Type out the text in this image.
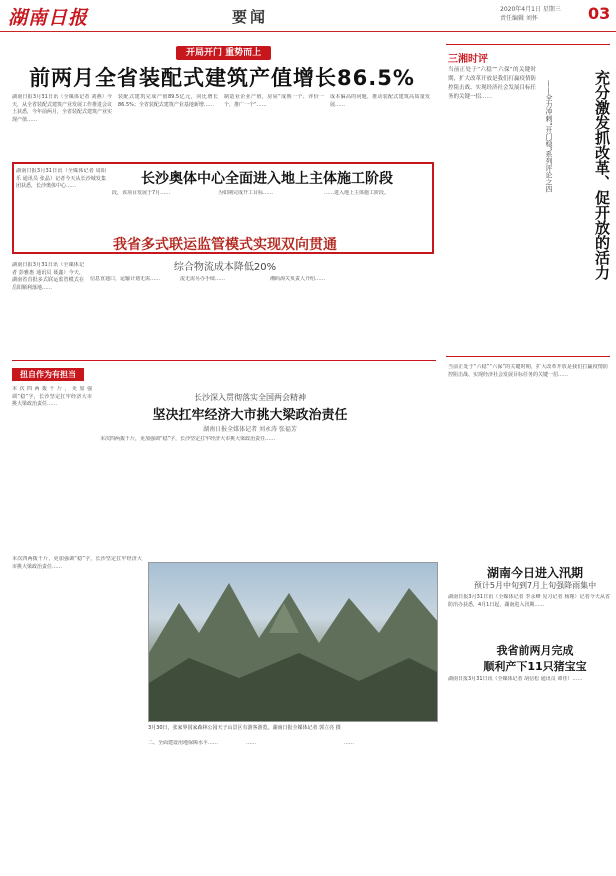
湖南日报	要闻	2020年4月1日 星期三
责任编辑 刘怀	03
开局开门 重势而上
前两月全省装配式建筑产值增长86.5%
湖南日报3月31日讯（全媒体记者 刘燕）今天，从全省装配式建筑产业发展工作推进会议上获悉，今年前两月，全省装配式建筑产业实现产值……
装配式建筑完成产值89.5亿元，同比增长86.5%；全省装配式建筑产业基地新增……
制造业企业产值，房屋“成熟一个、评价一个，推广一个”……
成本偏高的问题，推动装配式建筑高质量发展……
湖南日报3月31日讯（全媒体记者 周阳乐 通讯员 张晶）记者今天从长沙城发集团获悉，长沙奥体中心……	长沙奥体中心全面进入地上主体施工阶段
段，该项目发展于7月……	为如期完成开工目标……	……进入地上主体施工阶段。
我省多式联运监管模式实现双向贯通
综合物流成本降低20%
湖南日报3月31日讯（全媒体记者 彭雅惠 通讯员 聂鑫）今天，湖南省首批多式联运监管模式在岳阳顺利落地……
信息直通口，运输计划无需……	流无需另办手续……	湘码海关负责人介绍……
三湘时评
充分激发抓改革、促开放的活力
——全力冲刺“开门稳”系列评论之四
当前正处于“六稳”“六保”的关键时期，扩大改革开放是我们打赢疫情防控阻击战、实现经济社会发展目标任务的关键一招……
扭自作为有担当
长沙深入贯彻落实全国两会精神
坚决扛牢经济大市挑大梁政治责任
湖南日报全媒体记者 刘永涛 张福芳
本次四两拨千斤，更加强调“稳”字，长沙坚定扛牢经济大市挑大梁政治责任……
本次四两拨千斤，更加强调“稳”字，长沙坚定扛牢经济大市挑大梁政治责任……
当前正处于“六稳”“六保”的关键时期，扩大改革开放是我们打赢疫情防控阻击战、实现经济社会发展目标任务的关键一招……
湖南今日进入汛期
预计5月中旬到7月上旬强降雨集中
湖南日报3月31日讯（全媒体记者 李永峰 见习记者 杨瑾）记者今天从省防汛办获悉，4月1日起，湖南进入汛期……
我省前两月完成
顺利产下11只猪宝宝
湖南日报3月31日讯（全媒体记者 胡信松 通讯员 谭佳）……
本次四两拨千斤，更加强调“稳”字，长沙坚定扛牢经济大市挑大梁政治责任……
3月30日，张家界国家森林公园天子山景区有游客游览。湖南日报全媒体记者 郭立亮 摄
二、全面建设用地保障水平……	……	……
